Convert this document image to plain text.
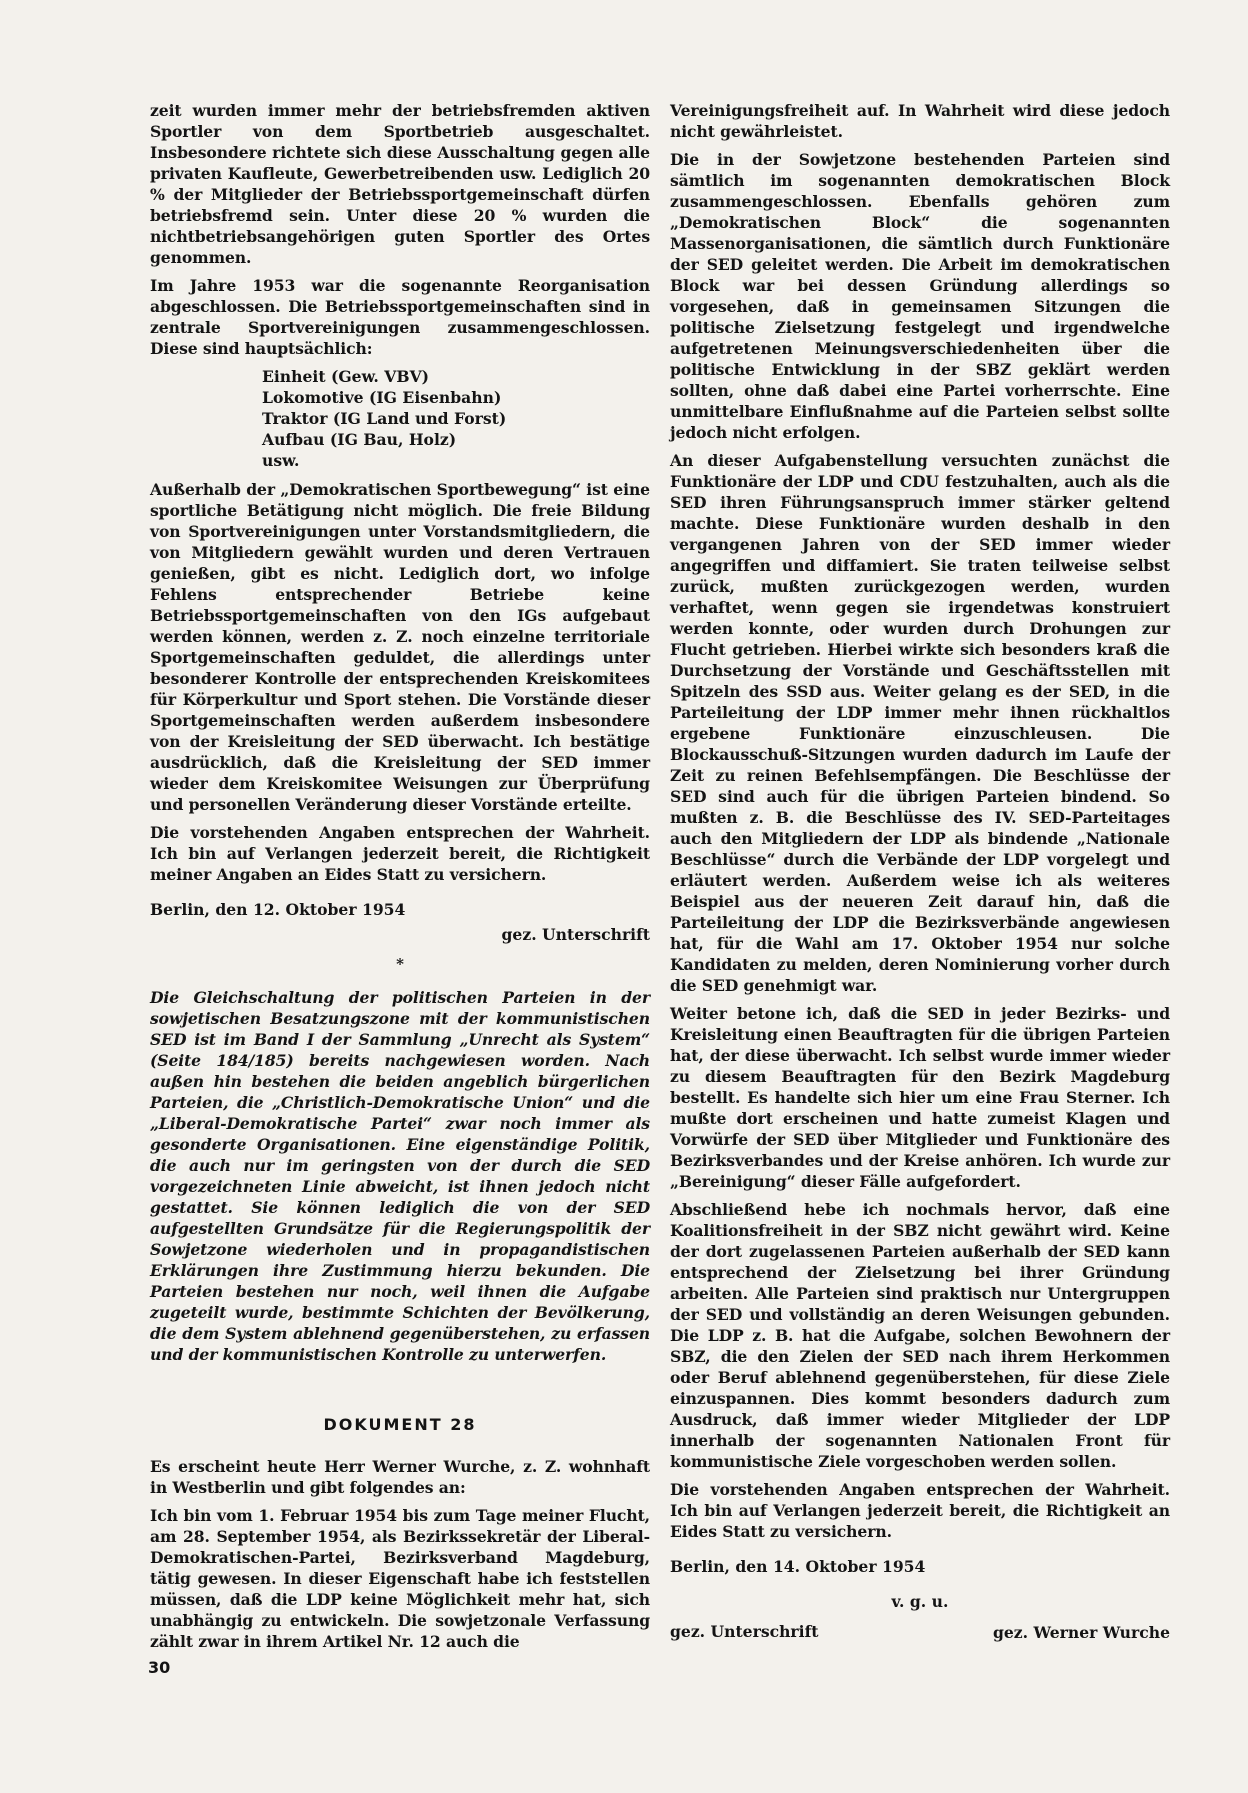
zeit wurden immer mehr der betriebsfremden aktiven Sportler von dem Sportbetrieb ausgeschaltet. Insbesondere richtete sich diese Ausschaltung gegen alle privaten Kaufleute, Gewerbetreibenden usw. Lediglich 20 % der Mitglieder der Betriebssportgemeinschaft dürfen betriebsfremd sein. Unter diese 20 % wurden die nichtbetriebsangehörigen guten Sportler des Ortes genommen.

Im Jahre 1953 war die sogenannte Reorganisation abgeschlossen. Die Betriebssportgemeinschaften sind in zentrale Sportvereinigungen zusammengeschlossen. Diese sind hauptsächlich:

Einheit (Gew. VBV)
Lokomotive (IG Eisenbahn)
Traktor (IG Land und Forst)
Aufbau (IG Bau, Holz)
usw.

Außerhalb der „Demokratischen Sportbewegung“ ist eine sportliche Betätigung nicht möglich. Die freie Bildung von Sportvereinigungen unter Vorstandsmitgliedern, die von Mitgliedern gewählt wurden und deren Vertrauen genießen, gibt es nicht. Lediglich dort, wo infolge Fehlens entsprechender Betriebe keine Betriebssportgemeinschaften von den IGs aufgebaut werden können, werden z. Z. noch einzelne territoriale Sportgemeinschaften geduldet, die allerdings unter besonderer Kontrolle der entsprechenden Kreiskomitees für Körperkultur und Sport stehen. Die Vorstände dieser Sportgemeinschaften werden außerdem insbesondere von der Kreisleitung der SED überwacht. Ich bestätige ausdrücklich, daß die Kreisleitung der SED immer wieder dem Kreiskomitee Weisungen zur Überprüfung und personellen Veränderung dieser Vorstände erteilte.

Die vorstehenden Angaben entsprechen der Wahrheit. Ich bin auf Verlangen jederzeit bereit, die Richtigkeit meiner Angaben an Eides Statt zu versichern.

Berlin, den 12. Oktober 1954
gez. Unterschrift
*

Die Gleichschaltung der politischen Parteien in der sowjetischen Besatzungszone mit der kommunistischen SED ist im Band I der Sammlung „Unrecht als System“ (Seite 184/185) bereits nachgewiesen worden. Nach außen hin bestehen die beiden angeblich bürgerlichen Parteien, die „Christlich-Demokratische Union“ und die „Liberal-Demokratische Partei“ zwar noch immer als gesonderte Organisationen. Eine eigenständige Politik, die auch nur im geringsten von der durch die SED vorgezeichneten Linie abweicht, ist ihnen jedoch nicht gestattet. Sie können lediglich die von der SED aufgestellten Grundsätze für die Regierungspolitik der Sowjetzone wiederholen und in propagandistischen Erklärungen ihre Zustimmung hierzu bekunden. Die Parteien bestehen nur noch, weil ihnen die Aufgabe zugeteilt wurde, bestimmte Schichten der Bevölkerung, die dem System ablehnend gegenüberstehen, zu erfassen und der kommunistischen Kontrolle zu unterwerfen.

DOKUMENT 28

Es erscheint heute Herr Werner Wurche, z. Z. wohnhaft in Westberlin und gibt folgendes an:

Ich bin vom 1. Februar 1954 bis zum Tage meiner Flucht, am 28. September 1954, als Bezirkssekretär der Liberal-Demokratischen-Partei, Bezirksverband Magdeburg, tätig gewesen. In dieser Eigenschaft habe ich feststellen müssen, daß die LDP keine Möglichkeit mehr hat, sich unabhängig zu entwickeln. Die sowjetzonale Verfassung zählt zwar in ihrem Artikel Nr. 12 auch die

Vereinigungsfreiheit auf. In Wahrheit wird diese jedoch nicht gewährleistet.

Die in der Sowjetzone bestehenden Parteien sind sämtlich im sogenannten demokratischen Block zusammengeschlossen. Ebenfalls gehören zum „Demokratischen Block“ die sogenannten Massenorganisationen, die sämtlich durch Funktionäre der SED geleitet werden. Die Arbeit im demokratischen Block war bei dessen Gründung allerdings so vorgesehen, daß in gemeinsamen Sitzungen die politische Zielsetzung festgelegt und irgendwelche aufgetretenen Meinungsverschiedenheiten über die politische Entwicklung in der SBZ geklärt werden sollten, ohne daß dabei eine Partei vorherrschte. Eine unmittelbare Einflußnahme auf die Parteien selbst sollte jedoch nicht erfolgen.

An dieser Aufgabenstellung versuchten zunächst die Funktionäre der LDP und CDU festzuhalten, auch als die SED ihren Führungsanspruch immer stärker geltend machte. Diese Funktionäre wurden deshalb in den vergangenen Jahren von der SED immer wieder angegriffen und diffamiert. Sie traten teilweise selbst zurück, mußten zurückgezogen werden, wurden verhaftet, wenn gegen sie irgendetwas konstruiert werden konnte, oder wurden durch Drohungen zur Flucht getrieben. Hierbei wirkte sich besonders kraß die Durchsetzung der Vorstände und Geschäftsstellen mit Spitzeln des SSD aus. Weiter gelang es der SED, in die Parteileitung der LDP immer mehr ihnen rückhaltlos ergebene Funktionäre einzuschleusen. Die Blockausschuß-Sitzungen wurden dadurch im Laufe der Zeit zu reinen Befehlsempfängen. Die Beschlüsse der SED sind auch für die übrigen Parteien bindend. So mußten z. B. die Beschlüsse des IV. SED-Parteitages auch den Mitgliedern der LDP als bindende „Nationale Beschlüsse“ durch die Verbände der LDP vorgelegt und erläutert werden. Außerdem weise ich als weiteres Beispiel aus der neueren Zeit darauf hin, daß die Parteileitung der LDP die Bezirksverbände angewiesen hat, für die Wahl am 17. Oktober 1954 nur solche Kandidaten zu melden, deren Nominierung vorher durch die SED genehmigt war.

Weiter betone ich, daß die SED in jeder Bezirks- und Kreisleitung einen Beauftragten für die übrigen Parteien hat, der diese überwacht. Ich selbst wurde immer wieder zu diesem Beauftragten für den Bezirk Magdeburg bestellt. Es handelte sich hier um eine Frau Sterner. Ich mußte dort erscheinen und hatte zumeist Klagen und Vorwürfe der SED über Mitglieder und Funktionäre des Bezirksverbandes und der Kreise anhören. Ich wurde zur „Bereinigung“ dieser Fälle aufgefordert.

Abschließend hebe ich nochmals hervor, daß eine Koalitionsfreiheit in der SBZ nicht gewährt wird. Keine der dort zugelassenen Parteien außerhalb der SED kann entsprechend der Zielsetzung bei ihrer Gründung arbeiten. Alle Parteien sind praktisch nur Untergruppen der SED und vollständig an deren Weisungen gebunden. Die LDP z. B. hat die Aufgabe, solchen Bewohnern der SBZ, die den Zielen der SED nach ihrem Herkommen oder Beruf ablehnend gegenüberstehen, für diese Ziele einzuspannen. Dies kommt besonders dadurch zum Ausdruck, daß immer wieder Mitglieder der LDP innerhalb der sogenannten Nationalen Front für kommunistische Ziele vorgeschoben werden sollen.

Die vorstehenden Angaben entsprechen der Wahrheit. Ich bin auf Verlangen jederzeit bereit, die Richtigkeit an Eides Statt zu versichern.

Berlin, den 14. Oktober 1954
v. g. u.
gez. Werner Wurche
gez. Unterschrift
30
